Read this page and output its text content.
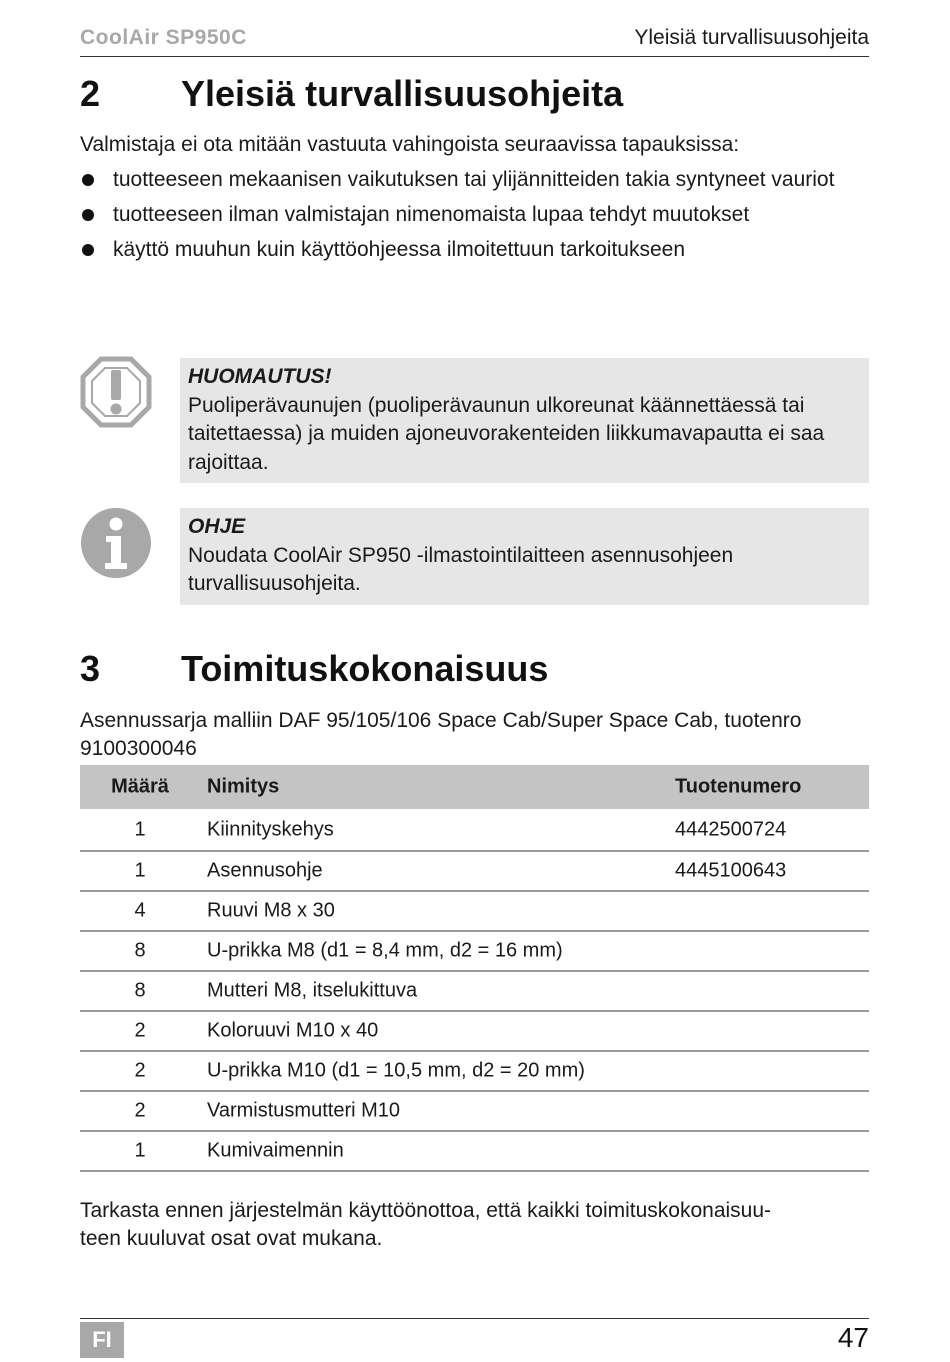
CoolAir SP950C	Yleisiä turvallisuusohjeita
2 Yleisiä turvallisuusohjeita
Valmistaja ei ota mitään vastuuta vahingoista seuraavissa tapauksissa:
tuotteeseen mekaanisen vaikutuksen tai ylijännitteiden takia syntyneet vauriot
tuotteeseen ilman valmistajan nimenomaista lupaa tehdyt muutokset
käyttö muuhun kuin käyttöohjeessa ilmoitettuun tarkoitukseen
HUOMAUTUS!
Puoliperävaunujen (puoliperävaunun ulkoreunat käännettäessä tai taitettaessa) ja muiden ajoneuvorakenteiden liikkumavapautta ei saa rajoittaa.
OHJE
Noudata CoolAir SP950 -ilmastointilaitteen asennusohjeen turvallisuusohjeita.
3 Toimituskokonaisuus
Asennussarja malliin DAF 95/105/106 Space Cab/Super Space Cab, tuotenro 9100300046
Määrä	Nimitys	Tuotenumero
1	Kiinnityskehys	4442500724
1	Asennusohje	4445100643
4	Ruuvi M8 x 30
8	U-prikka M8 (d1 = 8,4 mm, d2 = 16 mm)
8	Mutteri M8, itselukittuva
2	Koloruuvi M10 x 40
2	U-prikka M10 (d1 = 10,5 mm, d2 = 20 mm)
2	Varmistusmutteri M10
1	Kumivaimennin
Tarkasta ennen järjestelmän käyttöönottoa, että kaikki toimituskokonaisuu-
teen kuuluvat osat ovat mukana.
FI	47
